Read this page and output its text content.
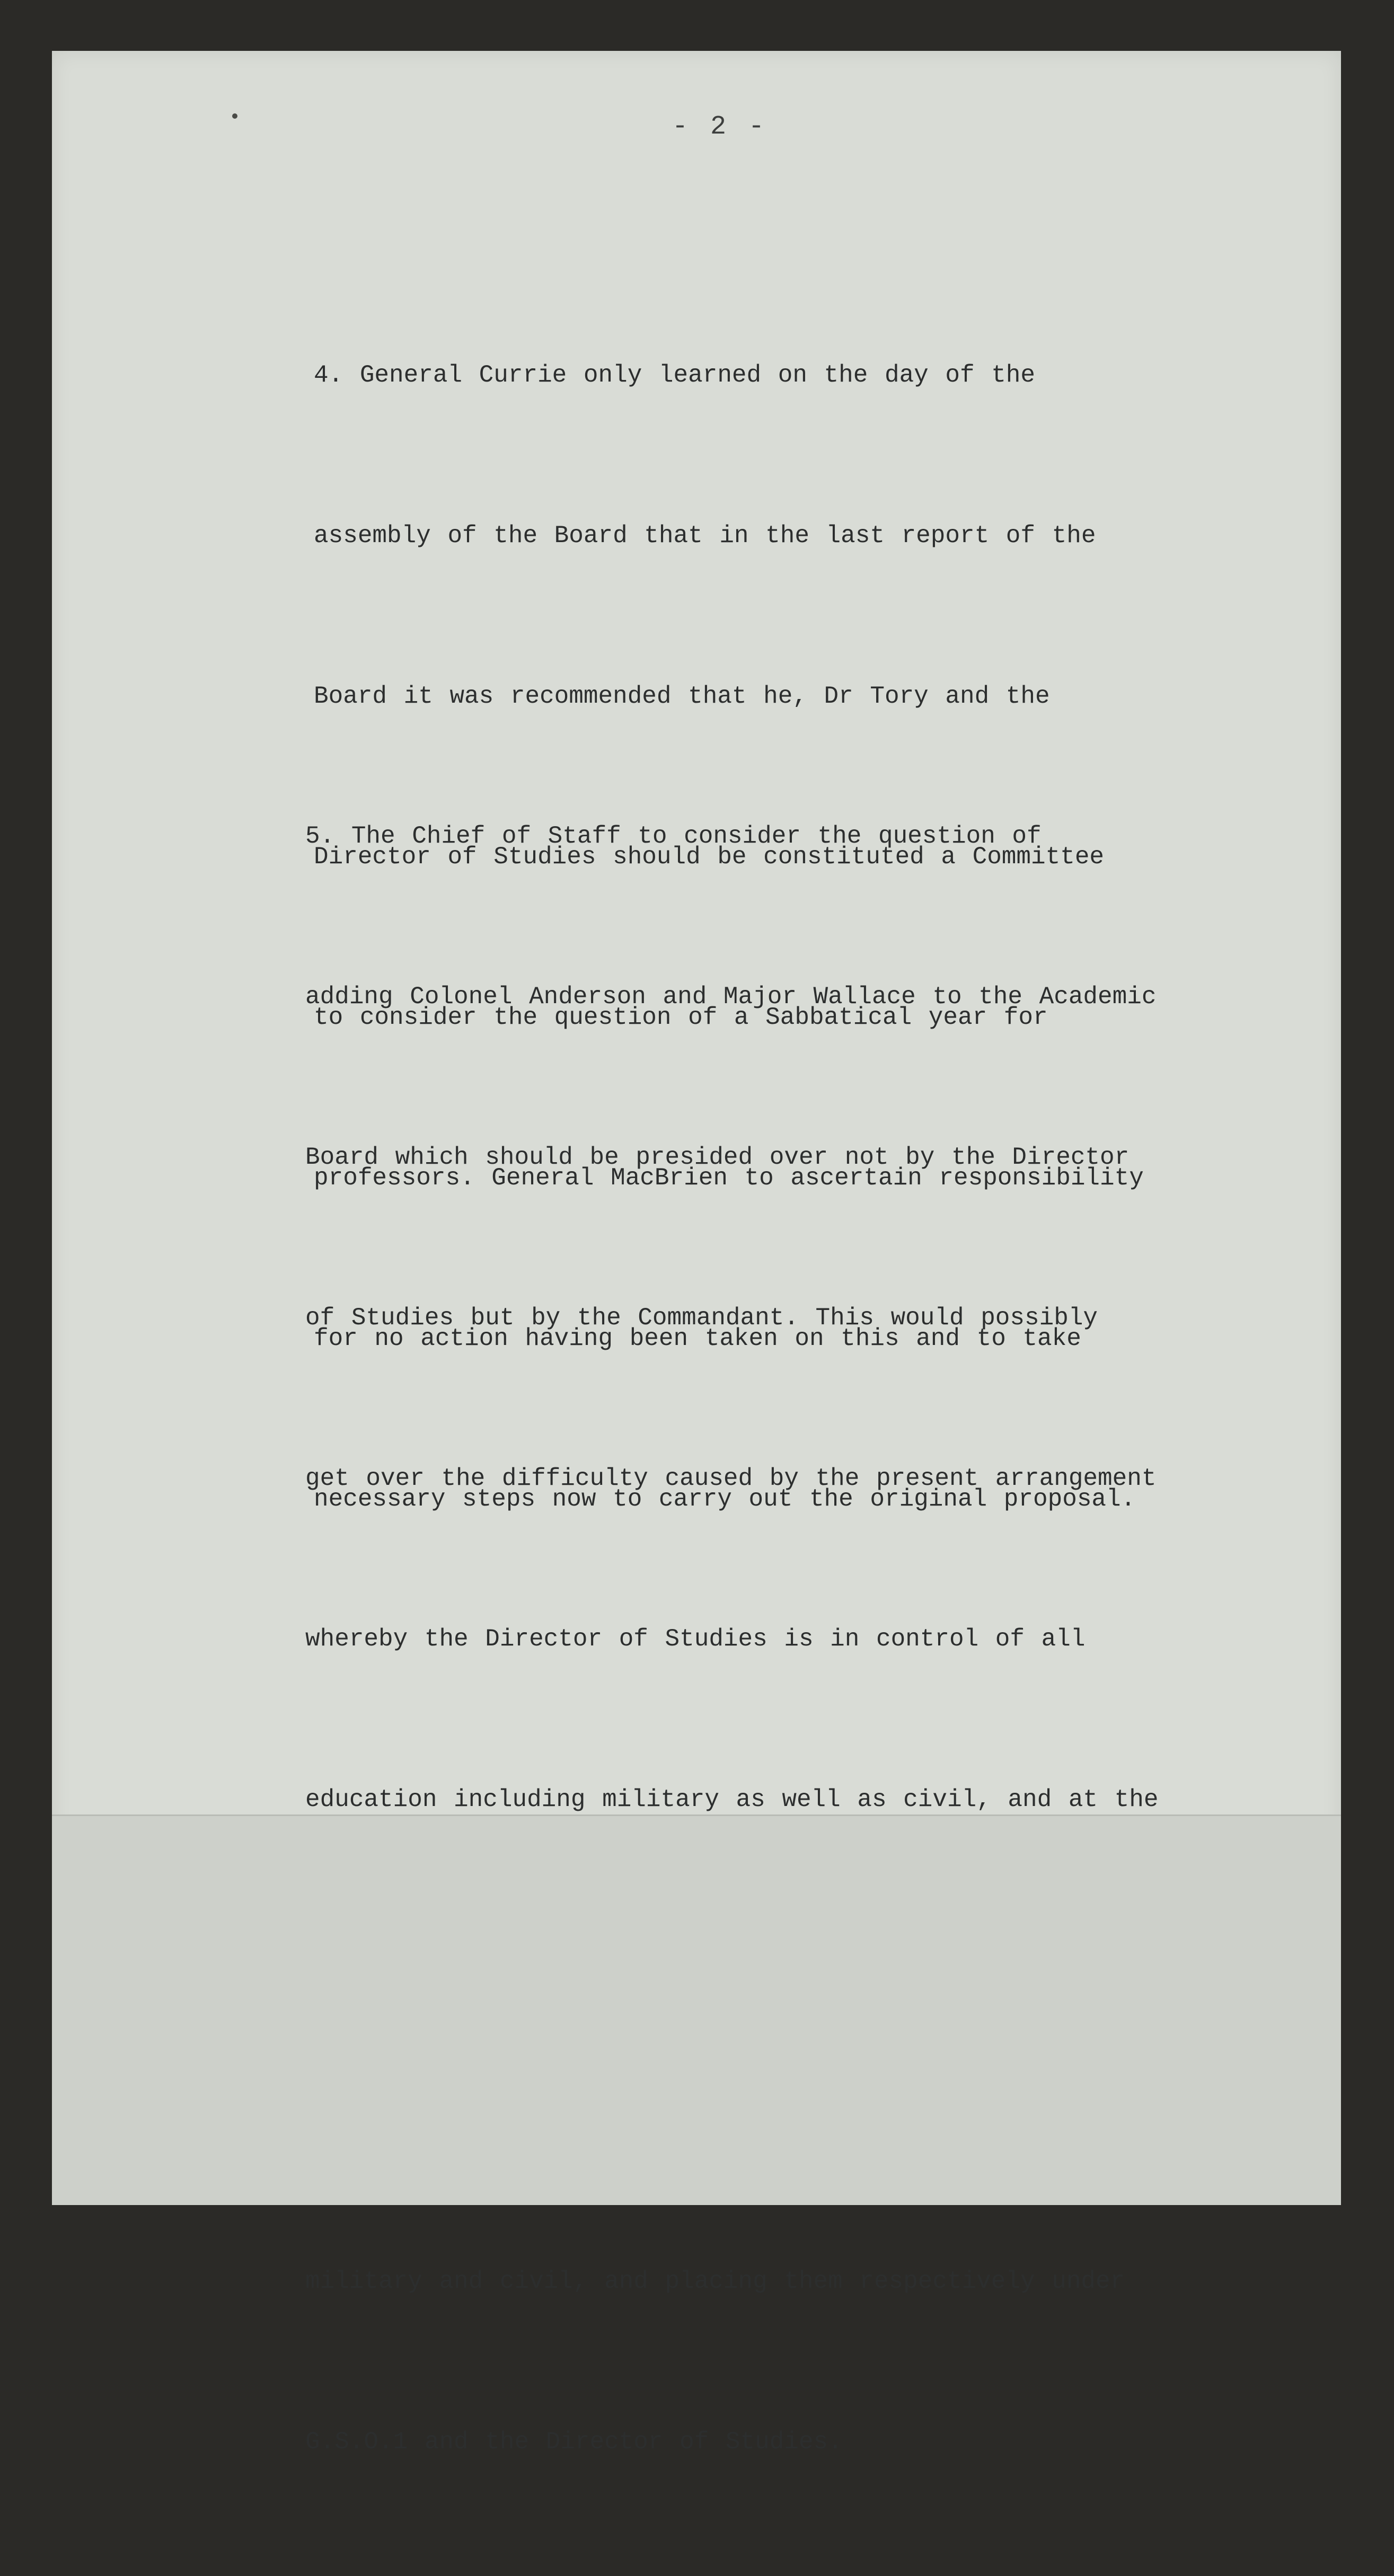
- 2 -

4. General Currie only learned on the day of the

assembly of the Board that in the last report of the

Board it was recommended that he, Dr Tory and the

Director of Studies should be constituted a Committee

to consider the question of a Sabbatical year for

professors. General MacBrien to ascertain responsibility

for no action having been taken on this and to take

necessary steps now to carry out the original proposal.

5. The Chief of Staff to consider the question of

adding Colonel Anderson and Major Wallace to the Academic

Board which should be presided over not by the Director

of Studies but by the Commandant. This would possibly

get over the difficulty caused by the present arrangement

whereby the Director of Studies is in control of all

education including military as well as civil, and at the

military and civil, and placing them respectively under

G.S.O.1 and the Director of Studies.
